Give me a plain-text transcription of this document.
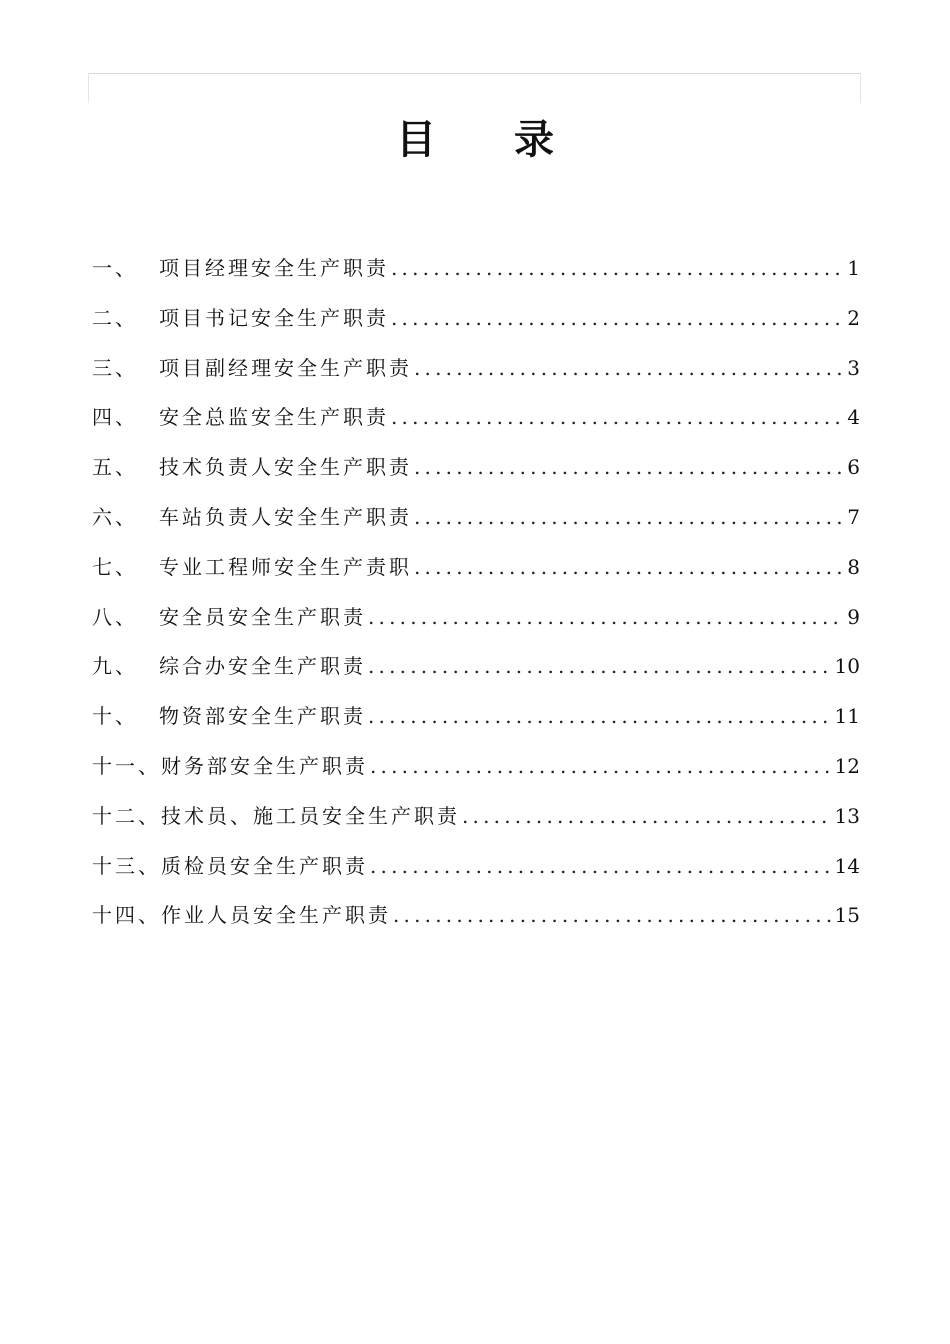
目 录
一、	项目经理安全生产职责 .....	1
二、	项目书记安全生产职责 .....	2
三、	项目副经理安全生产职责 .....	3
四、	安全总监安全生产职责 .....	4
五、	技术负责人安全生产职责 .....	6
六、	车站负责人安全生产职责 .....	7
七、	专业工程师安全生产责职 .....	8
八、	安全员安全生产职责 .....	9
九、	综合办安全生产职责 .....	10
十、	物资部安全生产职责 .....	11
十一、 财务部安全生产职责 .....	12
十二、 技术员、施工员安全生产职责 .....	13
十三、 质检员安全生产职责 .....	14
十四、 作业人员安全生产职责 .....	15
